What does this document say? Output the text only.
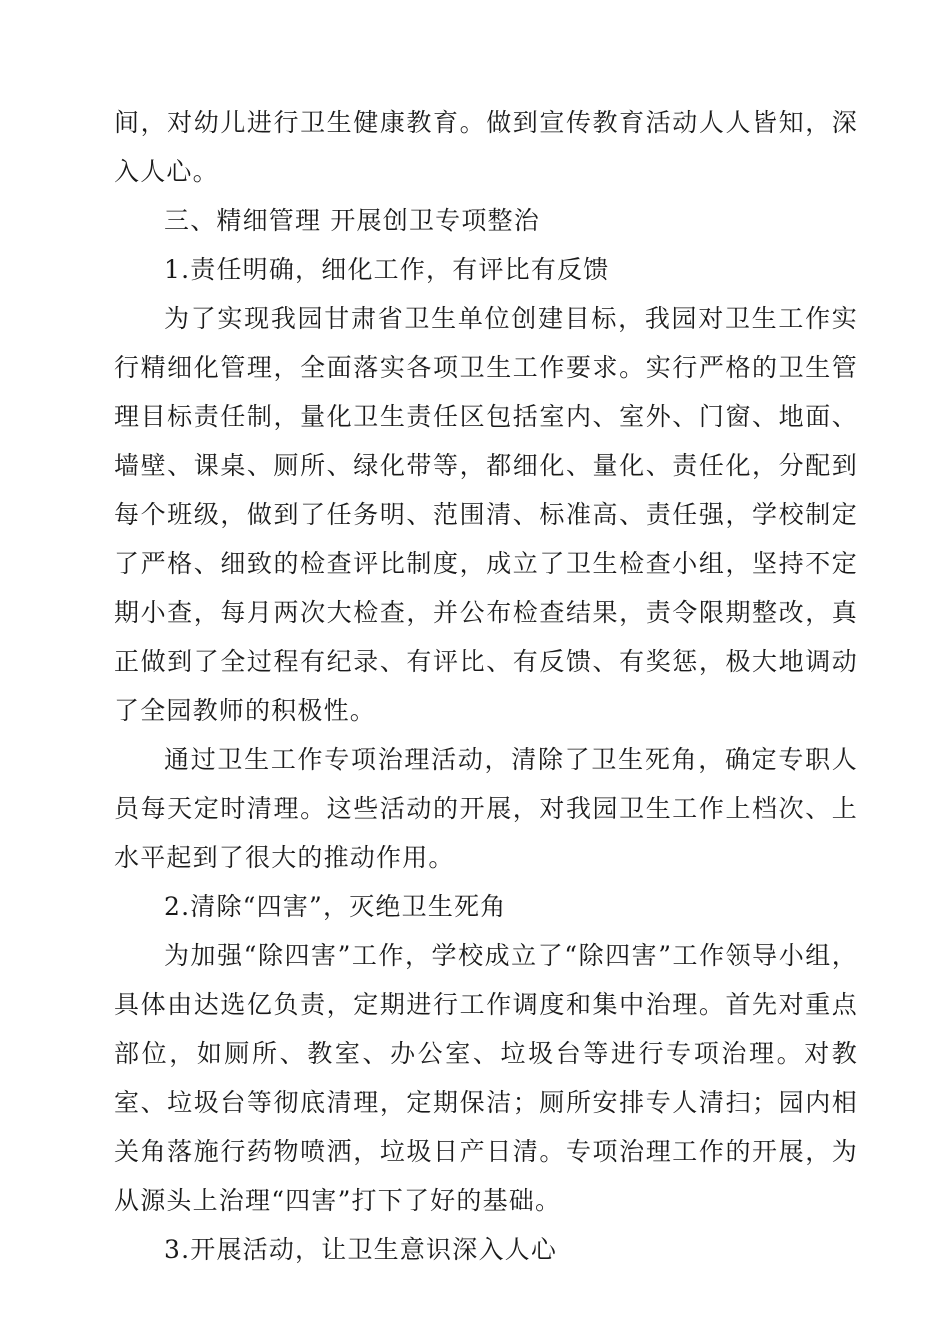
间，对幼儿进行卫生健康教育。做到宣传教育活动人人皆知，深入人心。

三、精细管理 开展创卫专项整治

1.责任明确，细化工作，有评比有反馈

为了实现我园甘肃省卫生单位创建目标，我园对卫生工作实行精细化管理，全面落实各项卫生工作要求。实行严格的卫生管理目标责任制，量化卫生责任区包括室内、室外、门窗、地面、墙壁、课桌、厕所、绿化带等，都细化、量化、责任化，分配到每个班级，做到了任务明、范围清、标准高、责任强，学校制定了严格、细致的检查评比制度，成立了卫生检查小组，坚持不定期小查，每月两次大检查，并公布检查结果，责令限期整改，真正做到了全过程有纪录、有评比、有反馈、有奖惩，极大地调动了全园教师的积极性。

通过卫生工作专项治理活动，清除了卫生死角，确定专职人员每天定时清理。这些活动的开展，对我园卫生工作上档次、上水平起到了很大的推动作用。

2.清除“四害”，灭绝卫生死角

为加强“除四害”工作，学校成立了“除四害”工作领导小组，具体由达选亿负责，定期进行工作调度和集中治理。首先对重点部位，如厕所、教室、办公室、垃圾台等进行专项治理。对教室、垃圾台等彻底清理，定期保洁；厕所安排专人清扫；园内相关角落施行药物喷洒，垃圾日产日清。专项治理工作的开展，为从源头上治理“四害”打下了好的基础。

3.开展活动，让卫生意识深入人心
